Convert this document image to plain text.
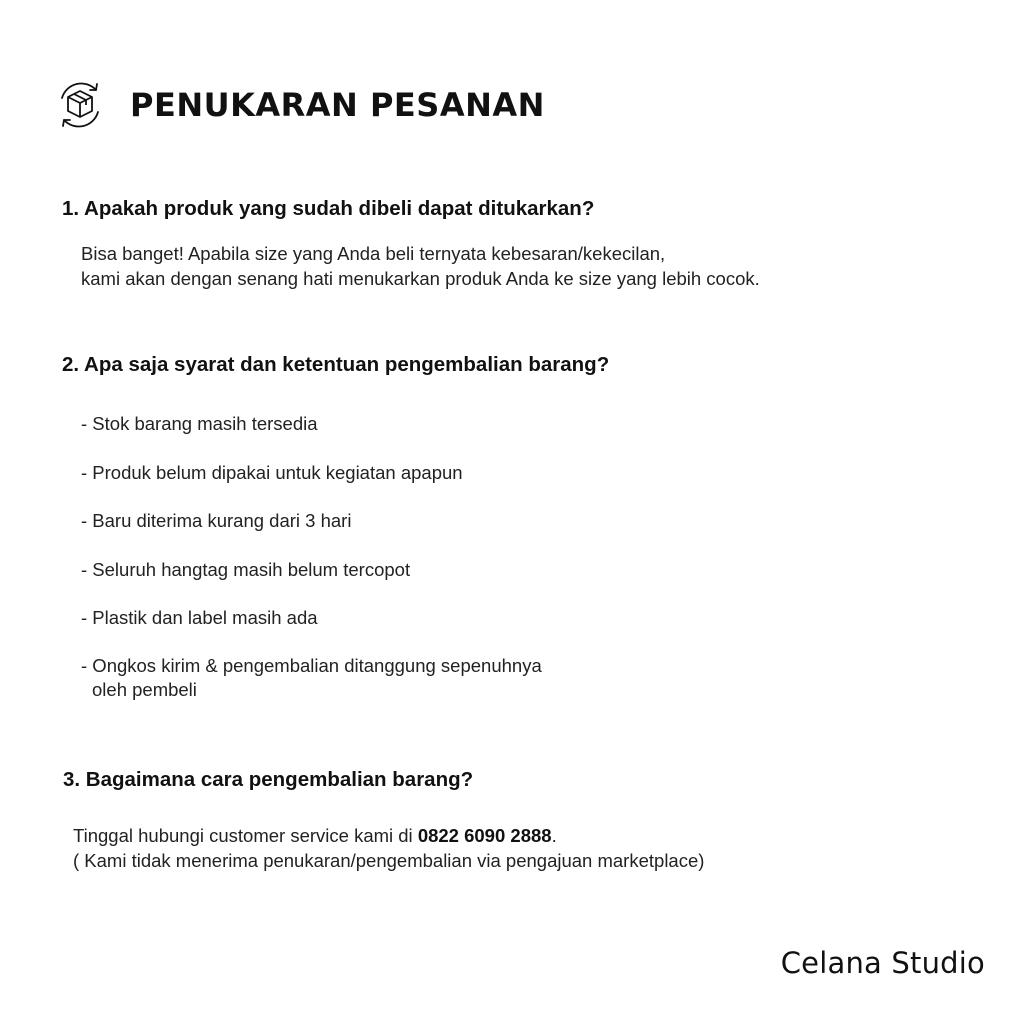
PENUKARAN PESANAN
1. Apakah produk yang sudah dibeli dapat ditukarkan?

Bisa banget! Apabila size yang Anda beli ternyata kebesaran/kekecilan,

kami akan dengan senang hati menukarkan produk Anda ke size yang lebih cocok.

2. Apa saja syarat dan ketentuan pengembalian barang?
- Stok barang masih tersedia
- Produk belum dipakai untuk kegiatan apapun
- Baru diterima kurang dari 3 hari
- Seluruh hangtag masih belum tercopot
- Plastik dan label masih ada
- Ongkos kirim & pengembalian ditanggung sepenuhnya
oleh pembeli
3. Bagaimana cara pengembalian barang?

Tinggal hubungi customer service kami di 0822 6090 2888.

( Kami tidak menerima penukaran/pengembalian via pengajuan marketplace)

Celana Studio
